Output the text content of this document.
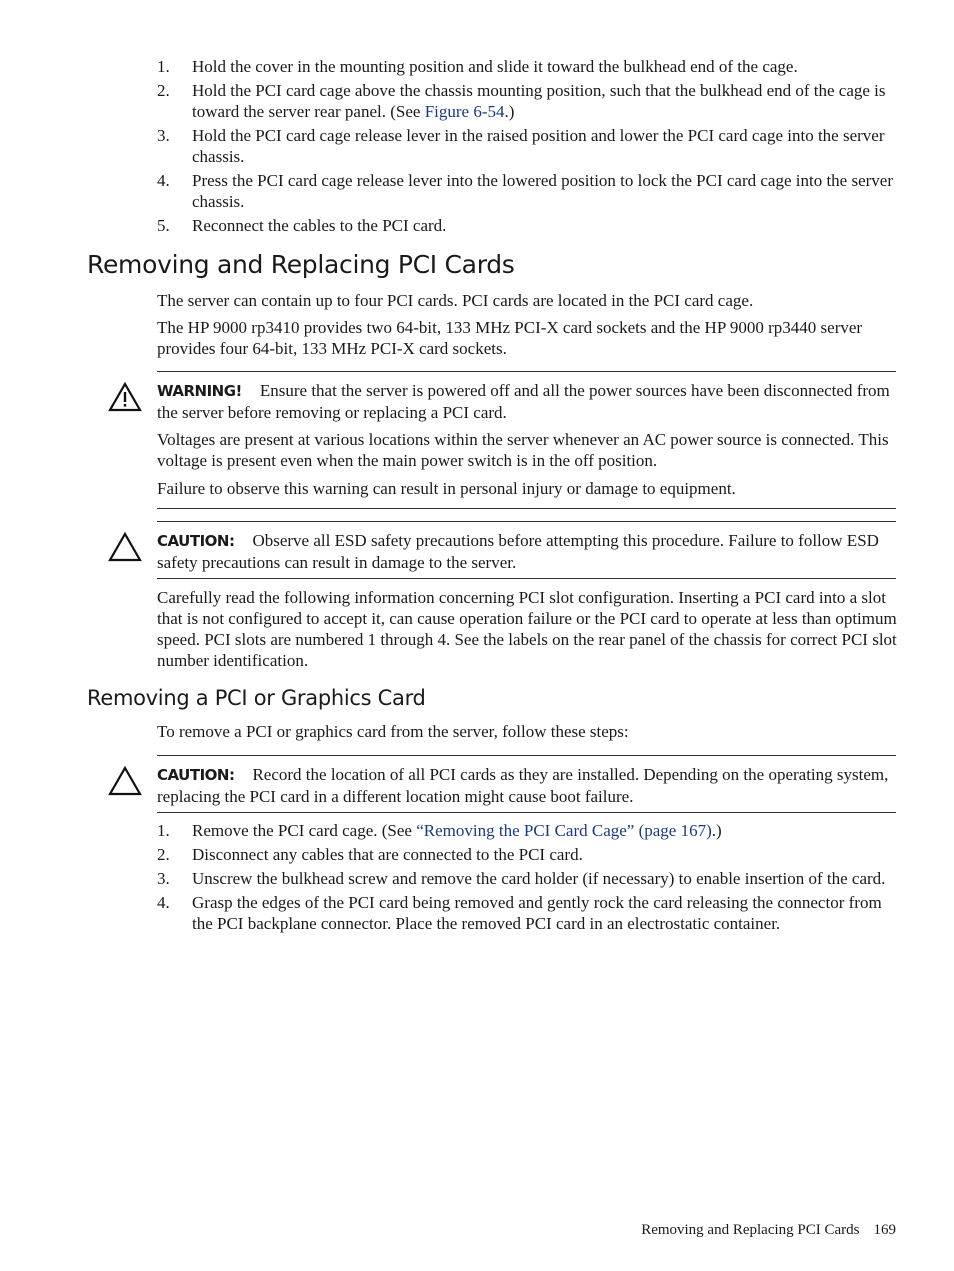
1. Hold the cover in the mounting position and slide it toward the bulkhead end of the cage.
2. Hold the PCI card cage above the chassis mounting position, such that the bulkhead end of the cage is toward the server rear panel. (See Figure 6-54.)
3. Hold the PCI card cage release lever in the raised position and lower the PCI card cage into the server chassis.
4. Press the PCI card cage release lever into the lowered position to lock the PCI card cage into the server chassis.
5. Reconnect the cables to the PCI card.
Removing and Replacing PCI Cards

The server can contain up to four PCI cards. PCI cards are located in the PCI card cage.

The HP 9000 rp3410 provides two 64-bit, 133 MHz PCI-X card sockets and the HP 9000 rp3440 server provides four 64-bit, 133 MHz PCI-X card sockets.

WARNING! Ensure that the server is powered off and all the power sources have been disconnected from the server before removing or replacing a PCI card.

Voltages are present at various locations within the server whenever an AC power source is connected. This voltage is present even when the main power switch is in the off position.

Failure to observe this warning can result in personal injury or damage to equipment.

CAUTION: Observe all ESD safety precautions before attempting this procedure. Failure to follow ESD safety precautions can result in damage to the server.

Carefully read the following information concerning PCI slot configuration. Inserting a PCI card into a slot that is not configured to accept it, can cause operation failure or the PCI card to operate at less than optimum speed. PCI slots are numbered 1 through 4. See the labels on the rear panel of the chassis for correct PCI slot number identification.

Removing a PCI or Graphics Card

To remove a PCI or graphics card from the server, follow these steps:

CAUTION: Record the location of all PCI cards as they are installed. Depending on the operating system, replacing the PCI card in a different location might cause boot failure.

1. Remove the PCI card cage. (See “Removing the PCI Card Cage” (page 167).)
2. Disconnect any cables that are connected to the PCI card.
3. Unscrew the bulkhead screw and remove the card holder (if necessary) to enable insertion of the card.
4. Grasp the edges of the PCI card being removed and gently rock the card releasing the connector from the PCI backplane connector. Place the removed PCI card in an electrostatic container.
Removing and Replacing PCI Cards 169
